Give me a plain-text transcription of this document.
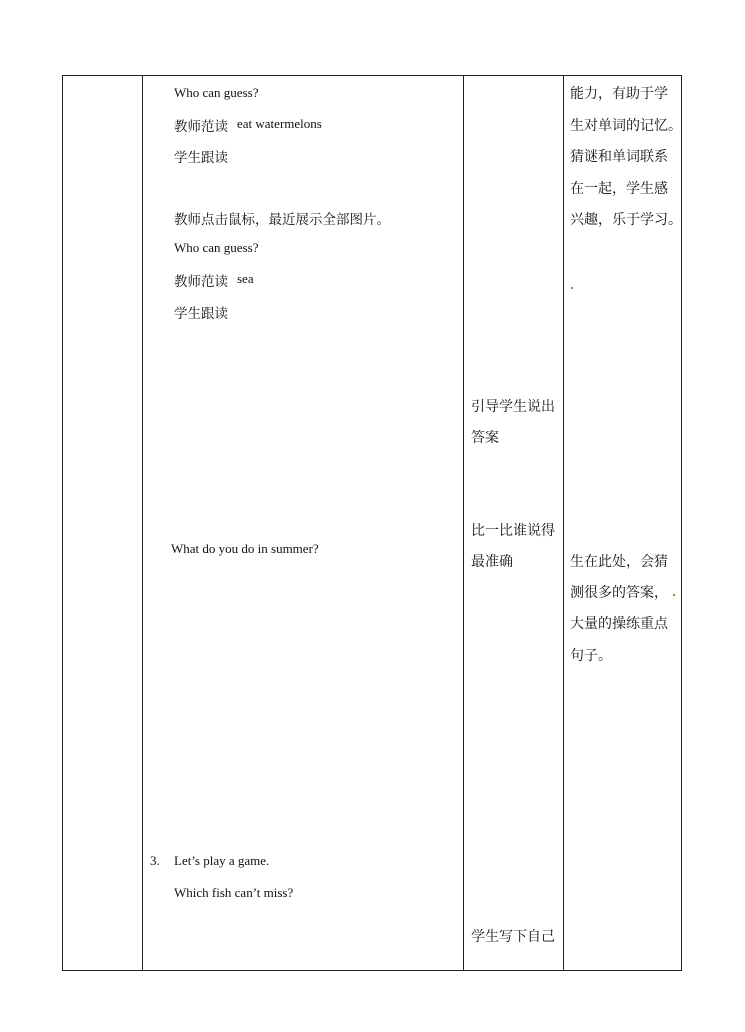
Who can guess?
教师范读 eat watermelons
学生跟读
教师点击鼠标，最近展示全部图片。
Who can guess?
教师范读 sea
学生跟读
What do you do in summer?
3. Let’s play a game.
Which fish can’t miss?
引导学生说出
答案
比一比谁说得
最准确
学生写下自己
能力，有助于学
生对单词的记忆。
猜谜和单词联系
在一起，学生感
兴趣，乐于学习。
生在此处，会猜
测很多的答案，
大量的操练重点
句子。
